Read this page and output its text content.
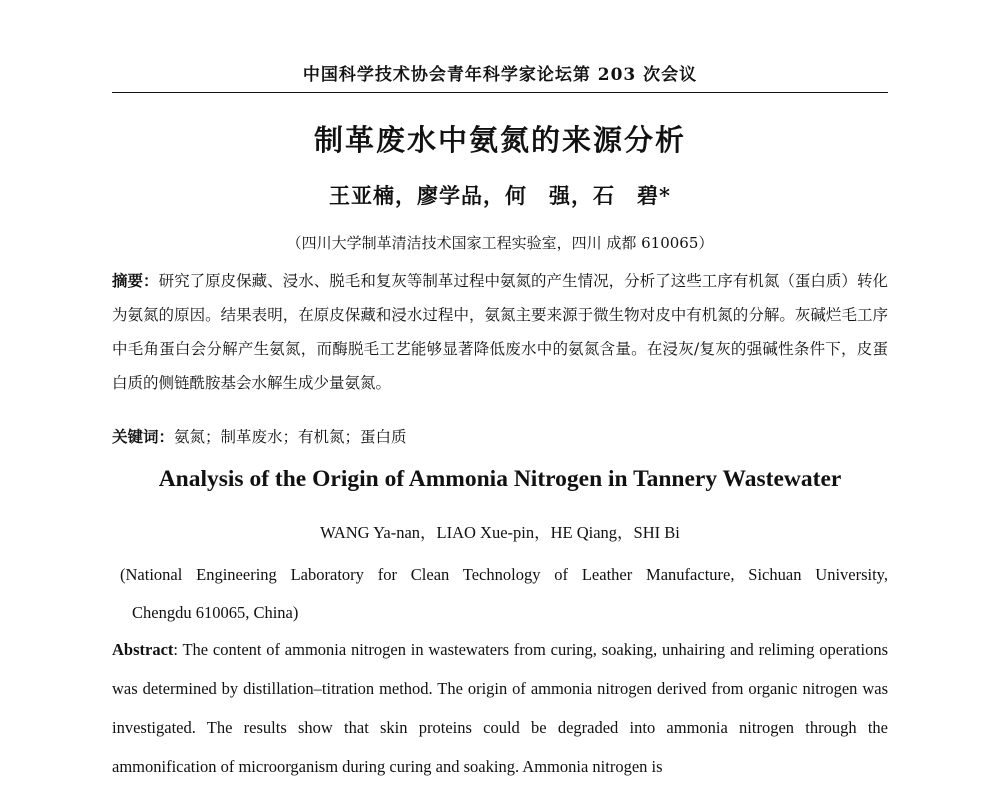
中国科学技术协会青年科学家论坛第 203 次会议
制革废水中氨氮的来源分析
王亚楠，廖学品，何　强，石　碧*
（四川大学制革清洁技术国家工程实验室，四川 成都 610065）
摘要：研究了原皮保藏、浸水、脱毛和复灰等制革过程中氨氮的产生情况，分析了这些工序有机氮（蛋白质）转化为氨氮的原因。结果表明，在原皮保藏和浸水过程中，氨氮主要来源于微生物对皮中有机氮的分解。灰碱烂毛工序中毛角蛋白会分解产生氨氮，而酶脱毛工艺能够显著降低废水中的氨氮含量。在浸灰/复灰的强碱性条件下，皮蛋白质的侧链酰胺基会水解生成少量氨氮。
关键词：氨氮；制革废水；有机氮；蛋白质
Analysis of the Origin of Ammonia Nitrogen in Tannery Wastewater
WANG Ya-nan，LIAO Xue-pin，HE Qiang，SHI Bi
(National Engineering Laboratory for Clean Technology of Leather Manufacture, Sichuan University,
Chengdu 610065, China)
Abstract: The content of ammonia nitrogen in wastewaters from curing, soaking, unhairing and reliming operations was determined by distillation–titration method. The origin of ammonia nitrogen derived from organic nitrogen was investigated. The results show that skin proteins could be degraded into ammonia nitrogen through the ammonification of microorganism during curing and soaking. Ammonia nitrogen is
